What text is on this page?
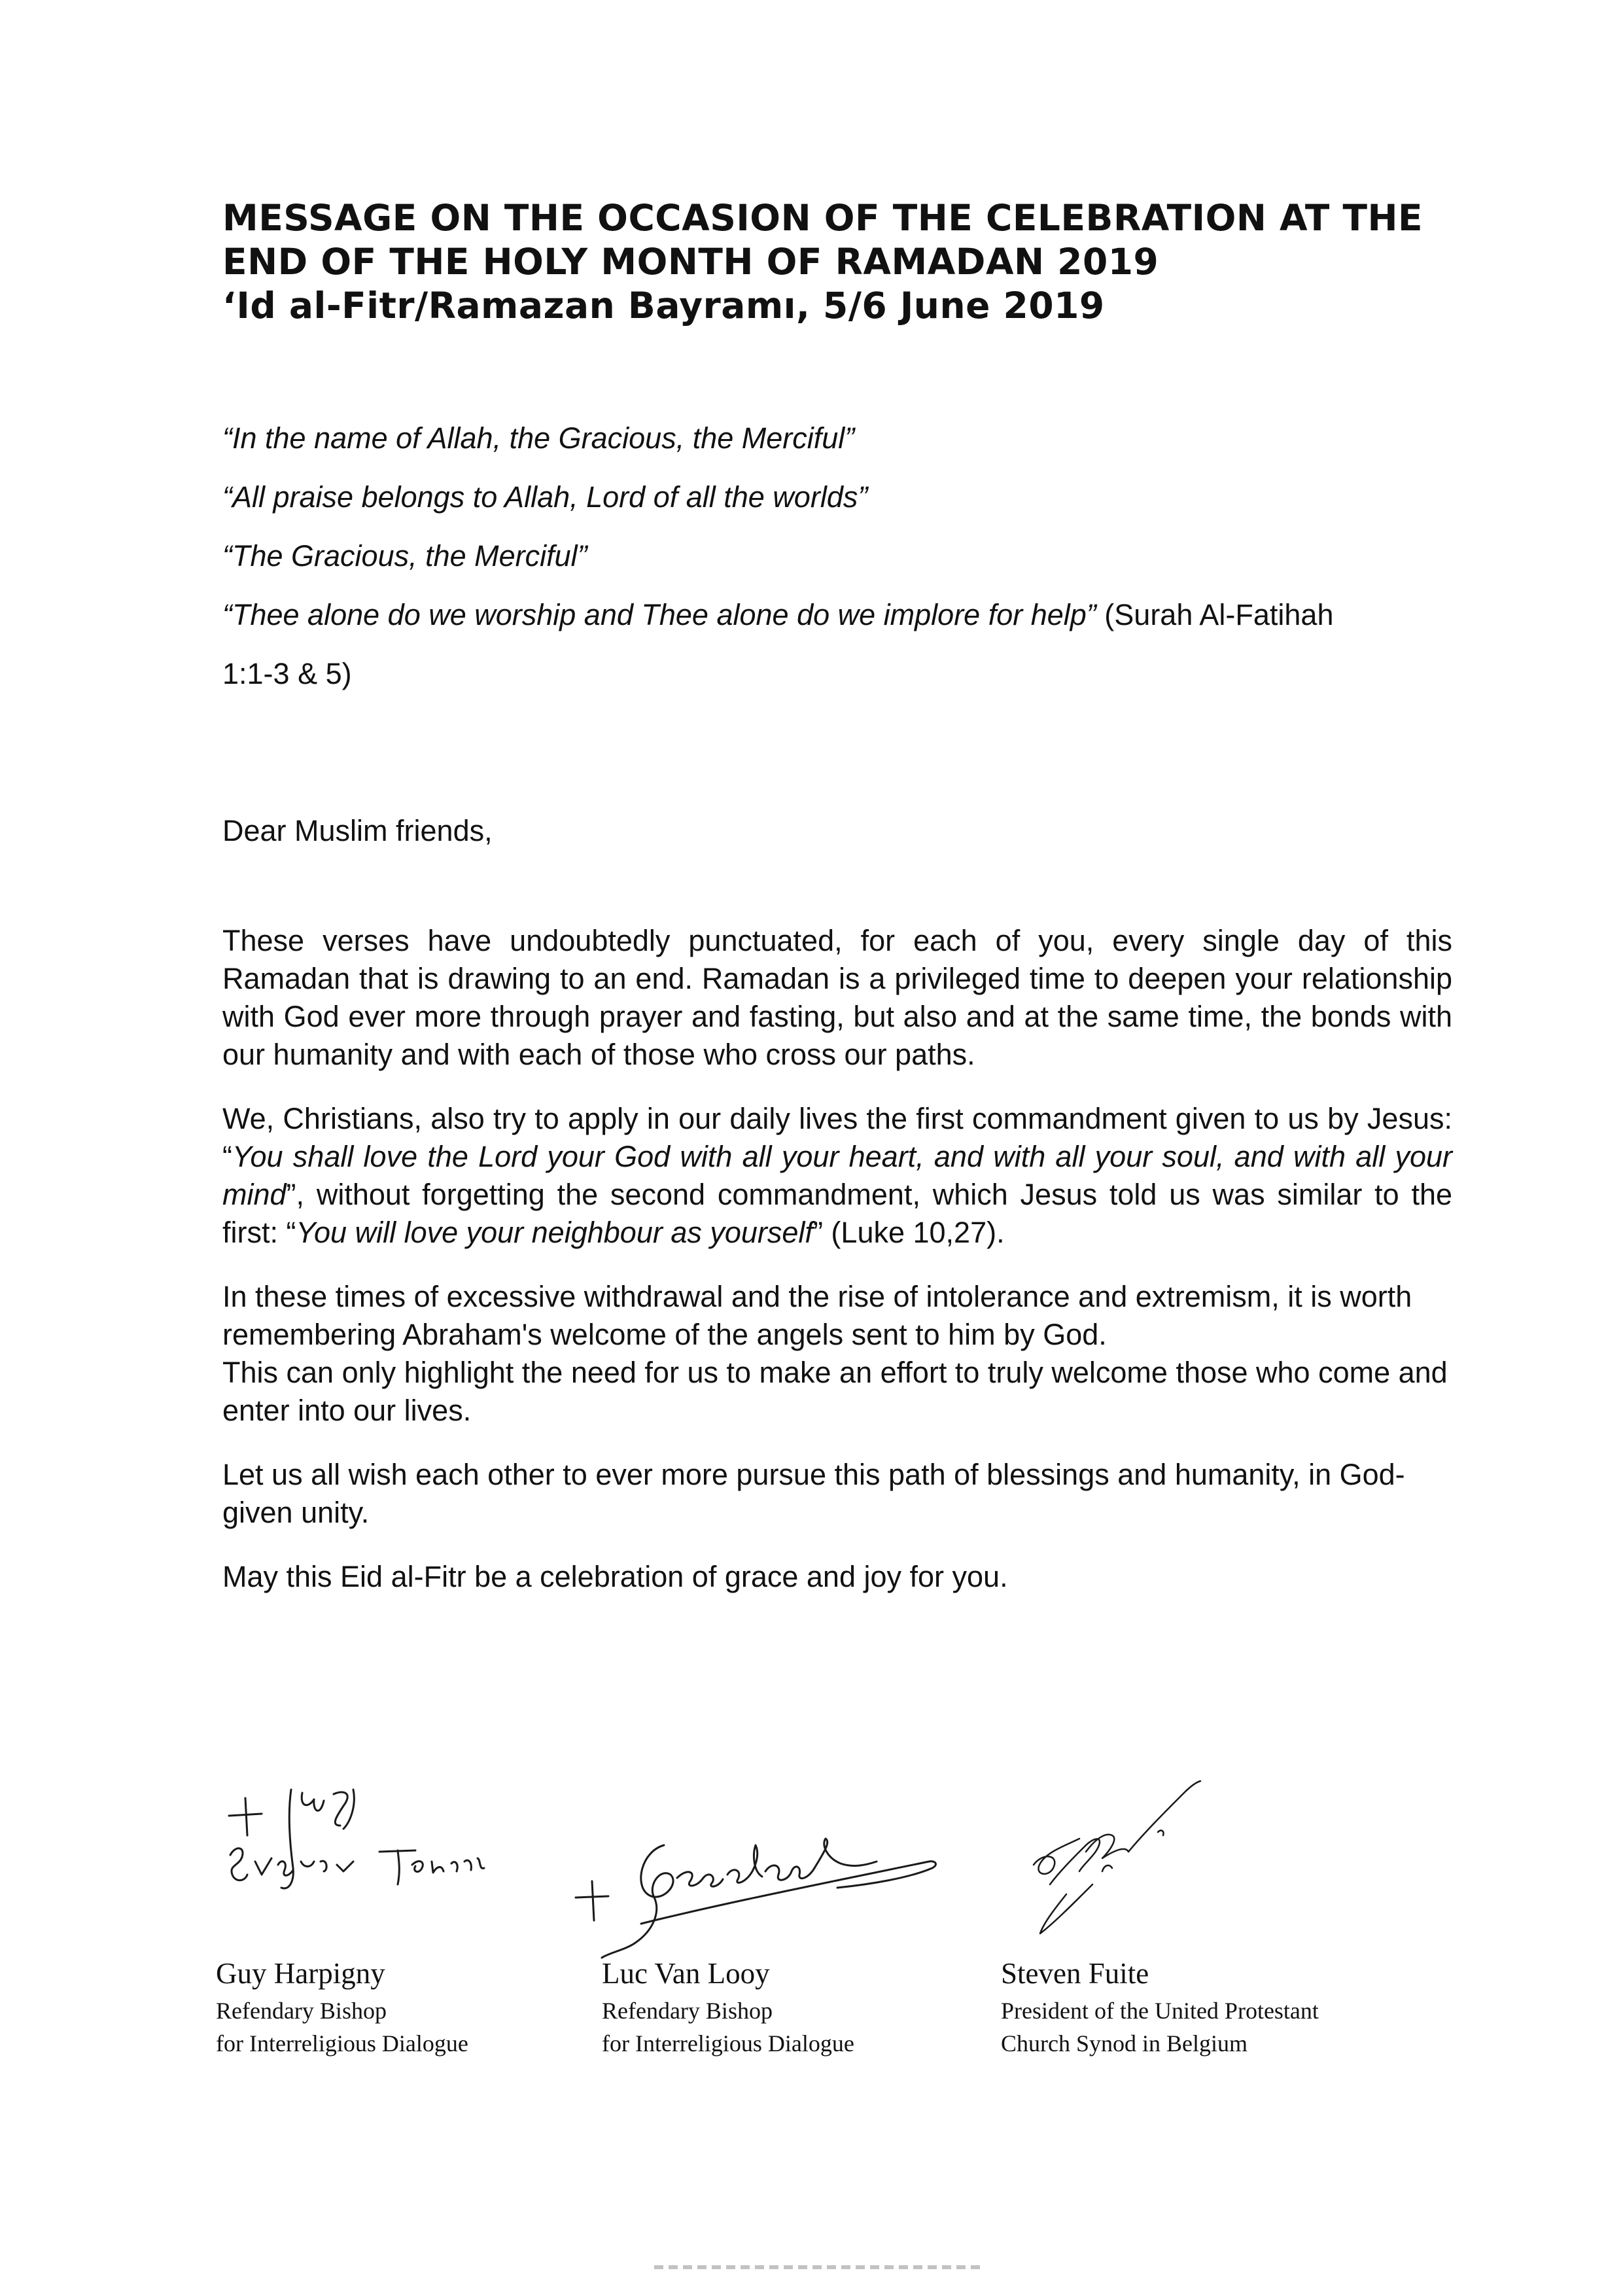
MESSAGE ON THE OCCASION OF THE CELEBRATION AT THE
END OF THE HOLY MONTH OF RAMADAN 2019
‘Id al-Fitr/Ramazan Bayramı, 5/6 June 2019
“In the name of Allah, the Gracious, the Merciful”
“All praise belongs to Allah, Lord of all the worlds”
“The Gracious, the Merciful”
“Thee alone do we worship and Thee alone do we implore for help” (Surah Al-Fatihah
1:1-3 & 5)
Dear Muslim friends,
These verses have undoubtedly punctuated, for each of you, every single day of this Ramadan that is drawing to an end. Ramadan is a privileged time to deepen your relationship with God ever more through prayer and fasting, but also and at the same time, the bonds with our humanity and with each of those who cross our paths.
We, Christians, also try to apply in our daily lives the first commandment given to us by Jesus: “You shall love the Lord your God with all your heart, and with all your soul, and with all your mind”, without forgetting the second commandment, which Jesus told us was similar to the first: “You will love your neighbour as yourself” (Luke 10,27).
In these times of excessive withdrawal and the rise of intolerance and extremism, it is worth remembering Abraham's welcome of the angels sent to him by God.
This can only highlight the need for us to make an effort to truly welcome those who come and enter into our lives.
Let us all wish each other to ever more pursue this path of blessings and humanity, in God-given unity.
May this Eid al-Fitr be a celebration of grace and joy for you.
Guy Harpigny
Refendary Bishop
for Interreligious Dialogue
Luc Van Looy
Refendary Bishop
for Interreligious Dialogue
Steven Fuite
President of the United Protestant
Church Synod in Belgium
